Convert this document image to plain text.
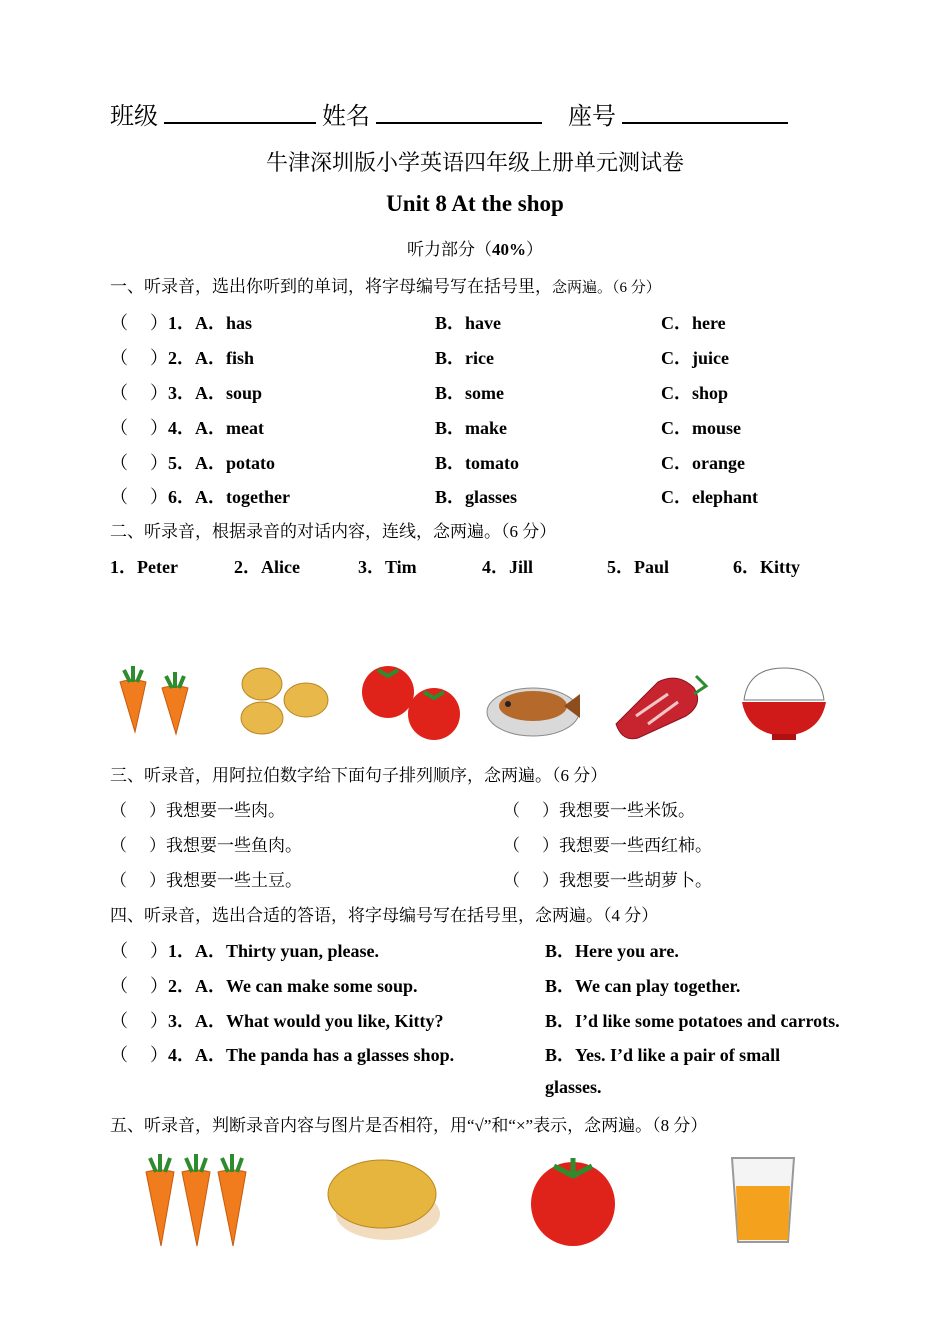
班级	姓名	座号
牛津深圳版小学英语四年级上册单元测试卷
Unit 8 At the shop
听力部分（40%）
一、听录音，选出你听到的单词，将字母编号写在括号里，念两遍。（6 分）
（ ）1．A．has	B．have	C．here
（ ）2．A．fish	B．rice	C．juice
（ ）3．A．soup	B．some	C．shop
（ ）4．A．meat	B．make	C．mouse
（ ）5．A．potato	B．tomato	C．orange
（ ）6．A．together	B．glasses	C．elephant
二、听录音，根据录音的对话内容，连线，念两遍。（6 分）
1．Peter	2．Alice	3．Tim	4．Jill	5．Paul	6．Kitty
三、听录音，用阿拉伯数字给下面句子排列顺序，念两遍。（6 分）
（ ）我想要一些肉。	（ ）我想要一些米饭。
（ ）我想要一些鱼肉。	（ ）我想要一些西红柿。
（ ）我想要一些土豆。	（ ）我想要一些胡萝卜。
四、听录音，选出合适的答语，将字母编号写在括号里，念两遍。（4 分）
（ ）1．A．Thirty yuan, please.	B．Here you are.
（ ）2．A．We can make some soup.	B．We can play together.
（ ）3．A．What would you like, Kitty?	B．I’d like some potatoes and carrots.
（ ）4．A．The panda has a glasses shop.	B．Yes. I’d like a pair of small
glasses.
五、听录音，判断录音内容与图片是否相符，用“√”和“×”表示，念两遍。（8 分）
